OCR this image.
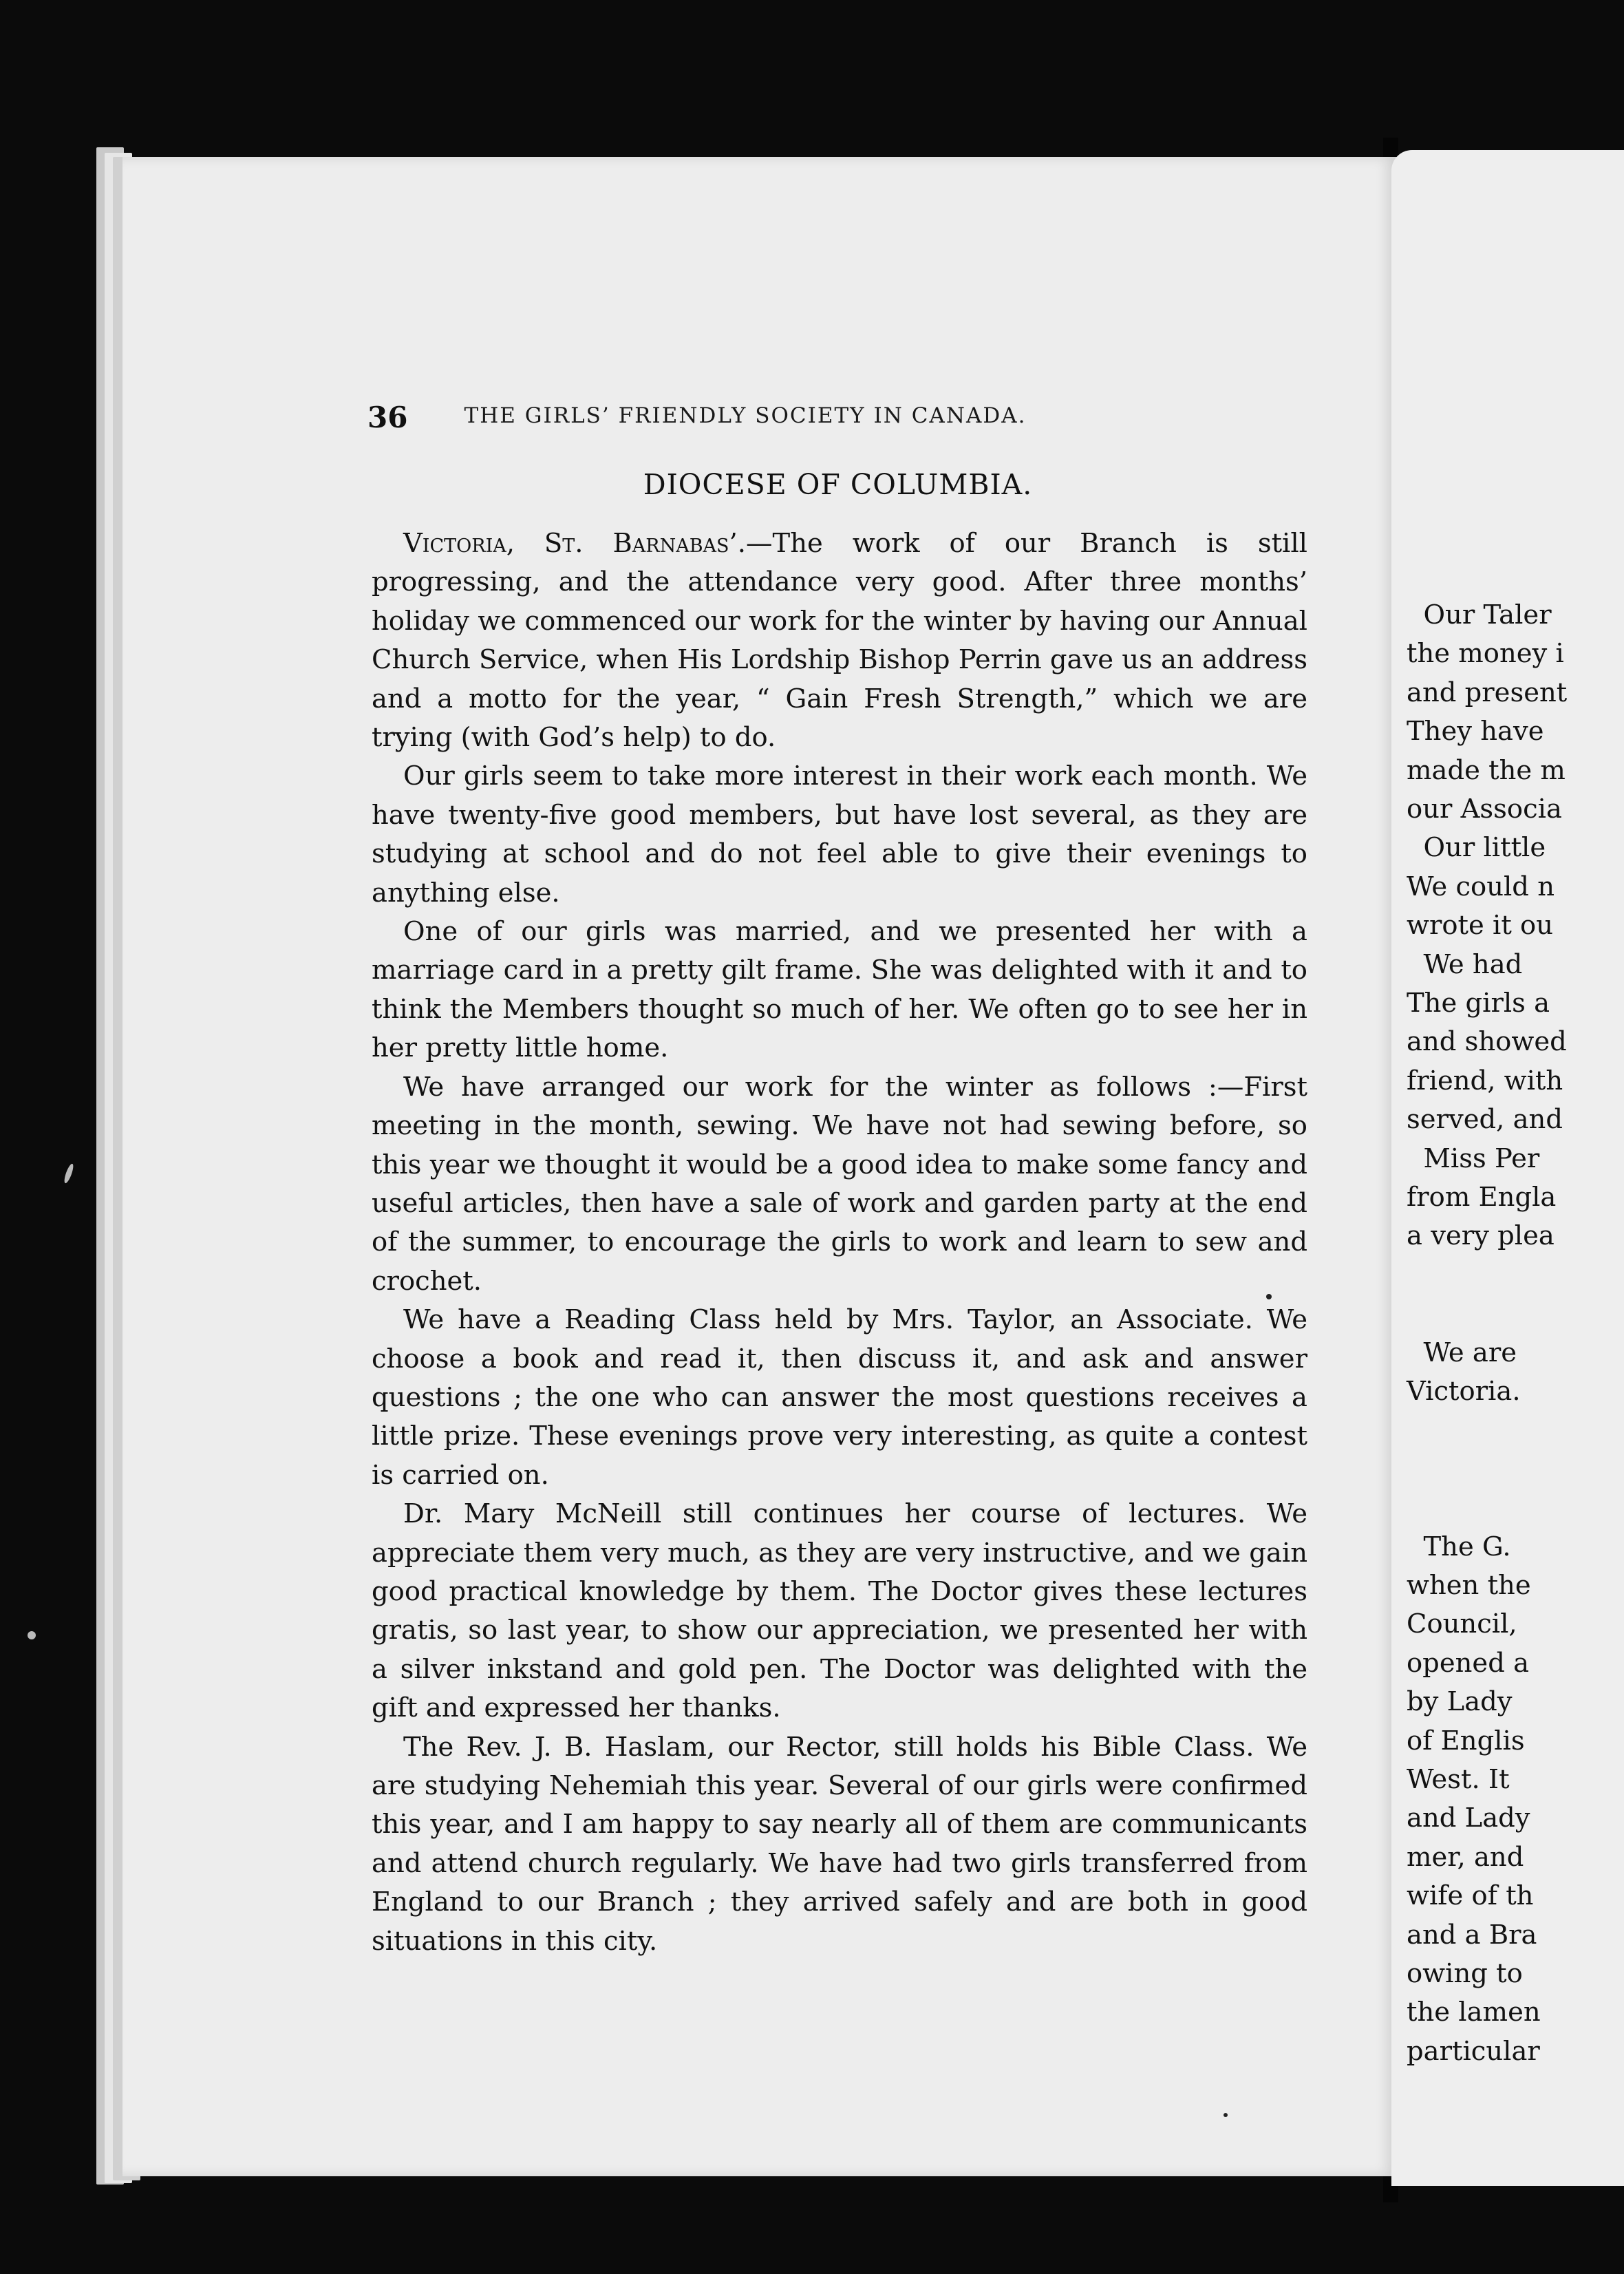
36	THE GIRLS’ FRIENDLY SOCIETY IN CANADA.
DIOCESE OF COLUMBIA.

Victoria, St. Barnabas’.—The work of our Branch is still progressing, and the attendance very good. After three months’ holiday we commenced our work for the winter by having our Annual Church Service, when His Lordship Bishop Perrin gave us an address and a motto for the year, “ Gain Fresh Strength,” which we are trying (with God’s help) to do.

Our girls seem to take more interest in their work each month. We have twenty-five good members, but have lost several, as they are studying at school and do not feel able to give their evenings to anything else.

One of our girls was married, and we presented her with a marriage card in a pretty gilt frame. She was delighted with it and to think the Members thought so much of her. We often go to see her in her pretty little home.

We have arranged our work for the winter as follows :—First meeting in the month, sewing. We have not had sewing before, so this year we thought it would be a good idea to make some fancy and useful articles, then have a sale of work and garden party at the end of the summer, to encourage the girls to work and learn to sew and crochet.

We have a Reading Class held by Mrs. Taylor, an Associate. We choose a book and read it, then discuss it, and ask and answer questions ; the one who can answer the most questions receives a little prize. These evenings prove very interesting, as quite a contest is carried on.

Dr. Mary McNeill still continues her course of lectures. We appreciate them very much, as they are very instructive, and we gain good practical knowledge by them. The Doctor gives these lectures gratis, so last year, to show our appreciation, we presented her with a silver inkstand and gold pen. The Doctor was delighted with the gift and expressed her thanks.

The Rev. J. B. Haslam, our Rector, still holds his Bible Class. We are studying Nehemiah this year. Several of our girls were confirmed this year, and I am happy to say nearly all of them are communicants and attend church regularly. We have had two girls transferred from England to our Branch ; they arrived safely and are both in good situations in this city.

Our Taler
the money i
and present
They have
made the m
our Associa
Our little
We could n
wrote it ou
We had
The girls a
and showed
friend, with
served, and
Miss Per
from Engla
a very plea
We are
Victoria.
The G.
when the
Council,
opened a
by Lady
of Englis
West. It
and Lady
mer, and
wife of th
and a Bra
owing to
the lamen
particular
